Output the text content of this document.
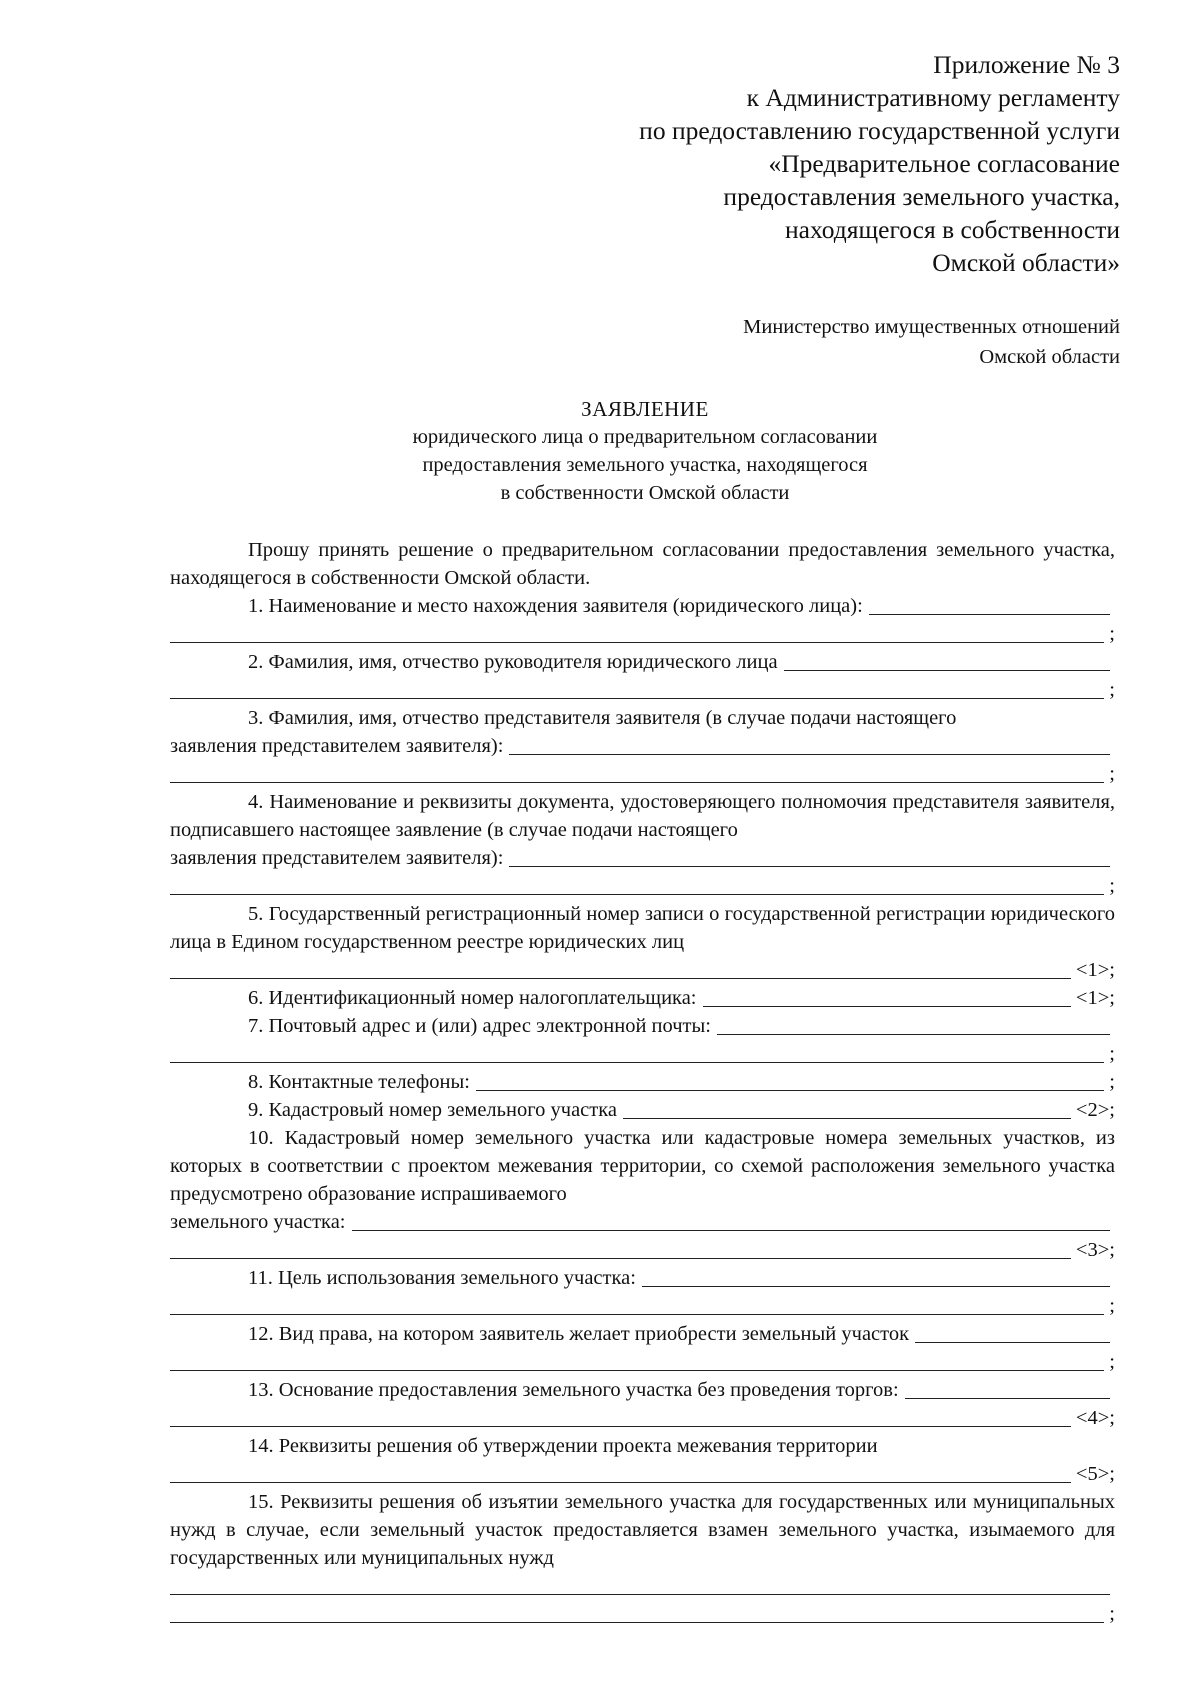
Приложение № 3
к Административному регламенту
по предоставлению государственной услуги
«Предварительное согласование
предоставления земельного участка,
находящегося в собственности
Омской области»
Министерство имущественных отношений
Омской области
ЗАЯВЛЕНИЕ
юридического лица о предварительном согласовании
предоставления земельного участка, находящегося
в собственности Омской области

Прошу принять решение о предварительном согласовании предоставления земельного участка, находящегося в собственности Омской области.

1. Наименование и место нахождения заявителя (юридического лица):
;
2. Фамилия, имя, отчество руководителя юридического лица
;

3. Фамилия, имя, отчество представителя заявителя (в случае подачи настоящего

заявления представителем заявителя):
;

4. Наименование и реквизиты документа, удостоверяющего полномочия представителя заявителя, подписавшего настоящее заявление (в случае подачи настоящего

заявления представителем заявителя):
;

5. Государственный регистрационный номер записи о государственной регистрации юридического лица в Едином государственном реестре юридических лиц

<1>;
6. Идентификационный номер налогоплательщика:	<1>;
7. Почтовый адрес и (или) адрес электронной почты:
;
8. Контактные телефоны:	;
9. Кадастровый номер земельного участка	<2>;

10. Кадастровый номер земельного участка или кадастровые номера земельных участков, из которых в соответствии с проектом межевания территории, со схемой расположения земельного участка предусмотрено образование испрашиваемого

земельного участка:
<3>;
11. Цель использования земельного участка:
;
12. Вид права, на котором заявитель желает приобрести земельный участок
;
13. Основание предоставления земельного участка без проведения торгов:
<4>;

14. Реквизиты решения об утверждении проекта межевания территории

<5>;

15. Реквизиты решения об изъятии земельного участка для государственных или муниципальных нужд в случае, если земельный участок предоставляется взамен земельного участка, изымаемого для государственных или муниципальных нужд

;
